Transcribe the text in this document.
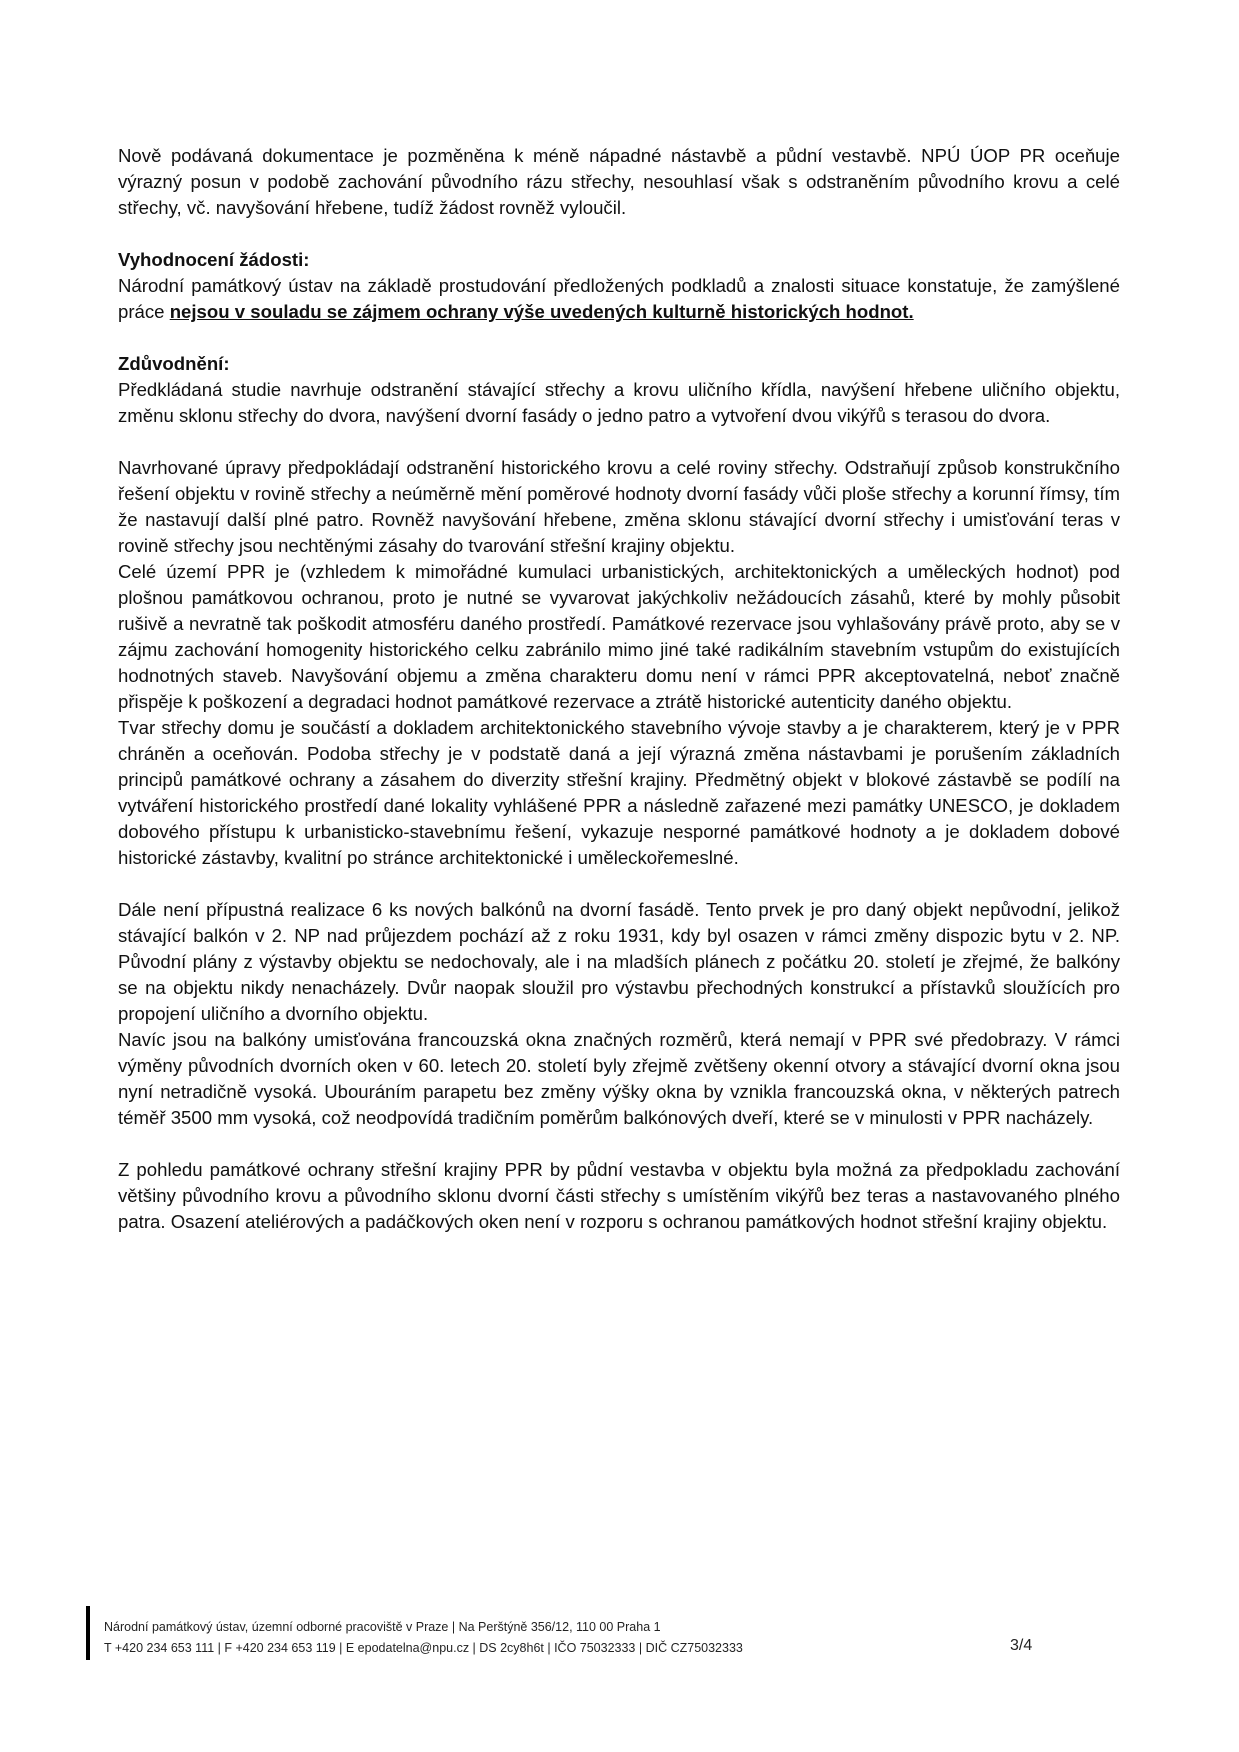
Nově podávaná dokumentace je pozměněna k méně nápadné nástavbě a půdní vestavbě. NPÚ ÚOP PR oceňuje výrazný posun v podobě zachování původního rázu střechy, nesouhlasí však s odstraněním původního krovu a celé střechy, vč. navyšování hřebene, tudíž žádost rovněž vyloučil.

Vyhodnocení žádosti:

Národní památkový ústav na základě prostudování předložených podkladů a znalosti situace konstatuje, že zamýšlené práce nejsou v souladu se zájmem ochrany výše uvedených kulturně historických hodnot.

Zdůvodnění:

Předkládaná studie navrhuje odstranění stávající střechy a krovu uličního křídla, navýšení hřebene uličního objektu, změnu sklonu střechy do dvora, navýšení dvorní fasády o jedno patro a vytvoření dvou vikýřů s terasou do dvora.

Navrhované úpravy předpokládají odstranění historického krovu a celé roviny střechy. Odstraňují způsob konstrukčního řešení objektu v rovině střechy a neúměrně mění poměrové hodnoty dvorní fasády vůči ploše střechy a korunní římsy, tím že nastavují další plné patro. Rovněž navyšování hřebene, změna sklonu stávající dvorní střechy i umisťování teras v rovině střechy jsou nechtěnými zásahy do tvarování střešní krajiny objektu.

Celé území PPR je (vzhledem k mimořádné kumulaci urbanistických, architektonických a uměleckých hodnot) pod plošnou památkovou ochranou, proto je nutné se vyvarovat jakýchkoliv nežádoucích zásahů, které by mohly působit rušivě a nevratně tak poškodit atmosféru daného prostředí. Památkové rezervace jsou vyhlašovány právě proto, aby se v zájmu zachování homogenity historického celku zabránilo mimo jiné také radikálním stavebním vstupům do existujících hodnotných staveb. Navyšování objemu a změna charakteru domu není v rámci PPR akceptovatelná, neboť značně přispěje k poškození a degradaci hodnot památkové rezervace a ztrátě historické autenticity daného objektu.

Tvar střechy domu je součástí a dokladem architektonického stavebního vývoje stavby a je charakterem, který je v PPR chráněn a oceňován. Podoba střechy je v podstatě daná a její výrazná změna nástavbami je porušením základních principů památkové ochrany a zásahem do diverzity střešní krajiny. Předmětný objekt v blokové zástavbě se podílí na vytváření historického prostředí dané lokality vyhlášené PPR a následně zařazené mezi památky UNESCO, je dokladem dobového přístupu k urbanisticko-stavebnímu řešení, vykazuje nesporné památkové hodnoty a je dokladem dobové historické zástavby, kvalitní po stránce architektonické i uměleckořemeslné.

Dále není přípustná realizace 6 ks nových balkónů na dvorní fasádě. Tento prvek je pro daný objekt nepůvodní, jelikož stávající balkón v 2. NP nad průjezdem pochází až z roku 1931, kdy byl osazen v rámci změny dispozic bytu v 2. NP. Původní plány z výstavby objektu se nedochovaly, ale i na mladších plánech z počátku 20. století je zřejmé, že balkóny se na objektu nikdy nenacházely. Dvůr naopak sloužil pro výstavbu přechodných konstrukcí a přístavků sloužících pro propojení uličního a dvorního objektu.

Navíc jsou na balkóny umisťována francouzská okna značných rozměrů, která nemají v PPR své předobrazy. V rámci výměny původních dvorních oken v 60. letech 20. století byly zřejmě zvětšeny okenní otvory a stávající dvorní okna jsou nyní netradičně vysoká. Ubouráním parapetu bez změny výšky okna by vznikla francouzská okna, v některých patrech téměř 3500 mm vysoká, což neodpovídá tradičním poměrům balkónových dveří, které se v minulosti v PPR nacházely.

Z pohledu památkové ochrany střešní krajiny PPR by půdní vestavba v objektu byla možná za předpokladu zachování většiny původního krovu a původního sklonu dvorní části střechy s umístěním vikýřů bez teras a nastavovaného plného patra. Osazení ateliérových a padáčkových oken není v rozporu s ochranou památkových hodnot střešní krajiny objektu.

Národní památkový ústav, územní odborné pracoviště v Praze | Na Perštýně 356/12, 110 00 Praha 1
T +420 234 653 111 | F +420 234 653 119 | E epodatelna@npu.cz | DS 2cy8h6t | IČO 75032333 | DIČ CZ75032333	3/4
